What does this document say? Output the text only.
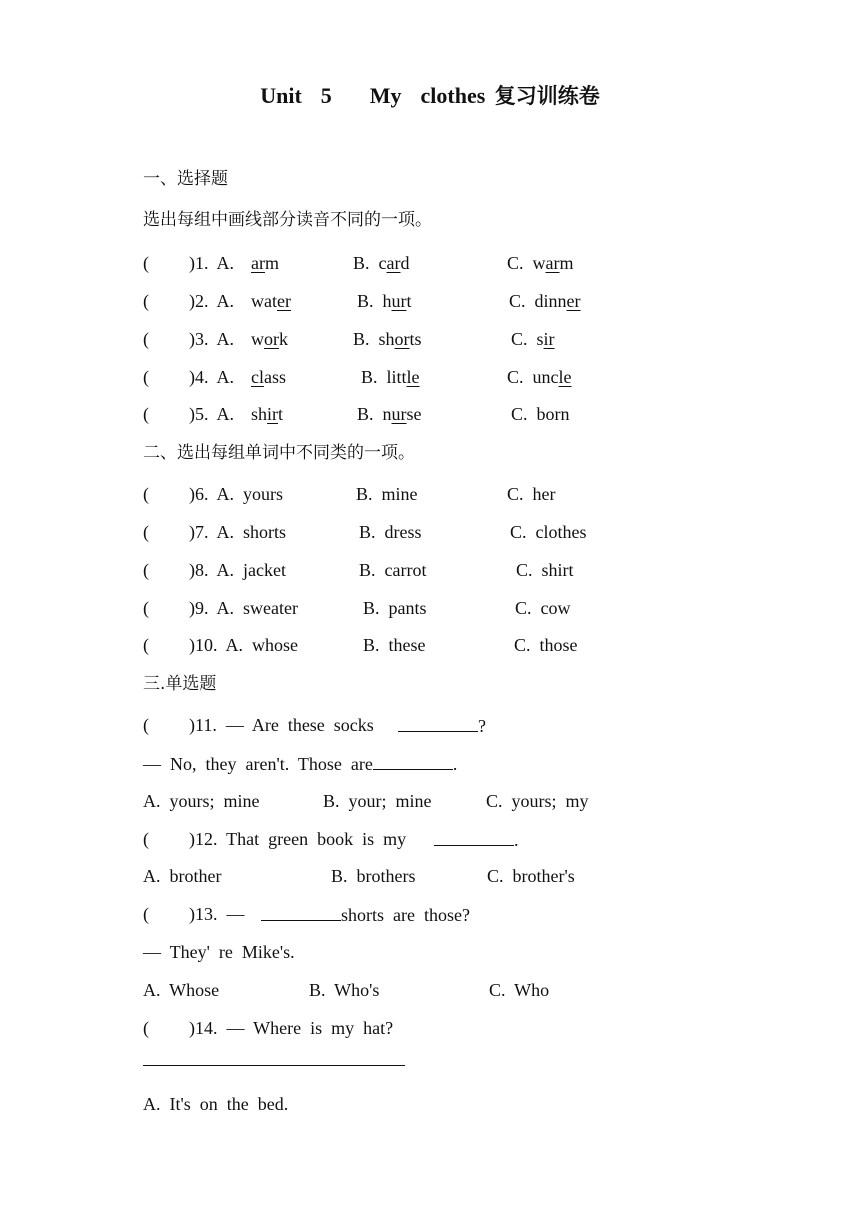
Unit  5    My  clothes 复习训练卷
一、选择题
选出每组中画线部分读音不同的一项。
( )1.  A. arm	B.  card	C.  warm
( )2.  A. water	B.  hurt	C.  dinner
( )3.  A. work	B.  shorts	C.  sir
( )4.  A. class	B.  little	C.  uncle
( )5.  A. shirt	B.  nurse	C.  born
二、选出每组单词中不同类的一项。
( )6.  A.  yours	B.  mine	C.  her
( )7.  A.  shorts	B.  dress	C.  clothes
( )8.  A.  jacket	B.  carrot	C.  shirt
( )9.  A.  sweater	B.  pants	C.  cow
( )10.  A.  whose	B.  these	C.  those
三.单选题
( )11.  —  Are  these  socks	?
—  No,  they  aren't.  Those  are	.
A.  yours;  mine	B.  your;  mine	C.  yours;  my
( )12.  That  green  book  is  my	.
A.  brother	B.  brothers	C.  brother's
( )13.  —	shorts  are  those?
—  They'  re  Mike's.
A.  Whose	B.  Who's	C.  Who
( )14.  —  Where  is  my  hat?
A.  It's  on  the  bed.
